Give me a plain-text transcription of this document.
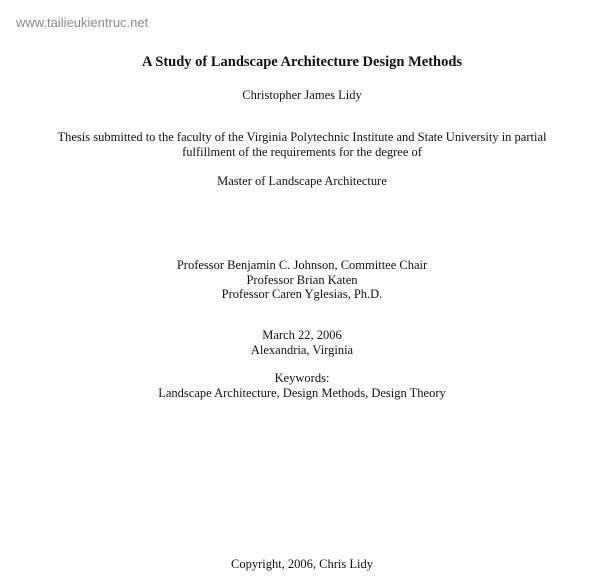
www.tailieukientruc.net
A Study of Landscape Architecture Design Methods
Christopher James Lidy
Thesis submitted to the faculty of the Virginia Polytechnic Institute and State University in partial
fulfillment of the requirements for the degree of
Master of Landscape Architecture
Professor Benjamin C. Johnson, Committee Chair
Professor Brian Katen
Professor Caren Yglesias, Ph.D.
March 22, 2006
Alexandria, Virginia
Keywords:
Landscape Architecture, Design Methods, Design Theory
Copyright, 2006, Chris Lidy
